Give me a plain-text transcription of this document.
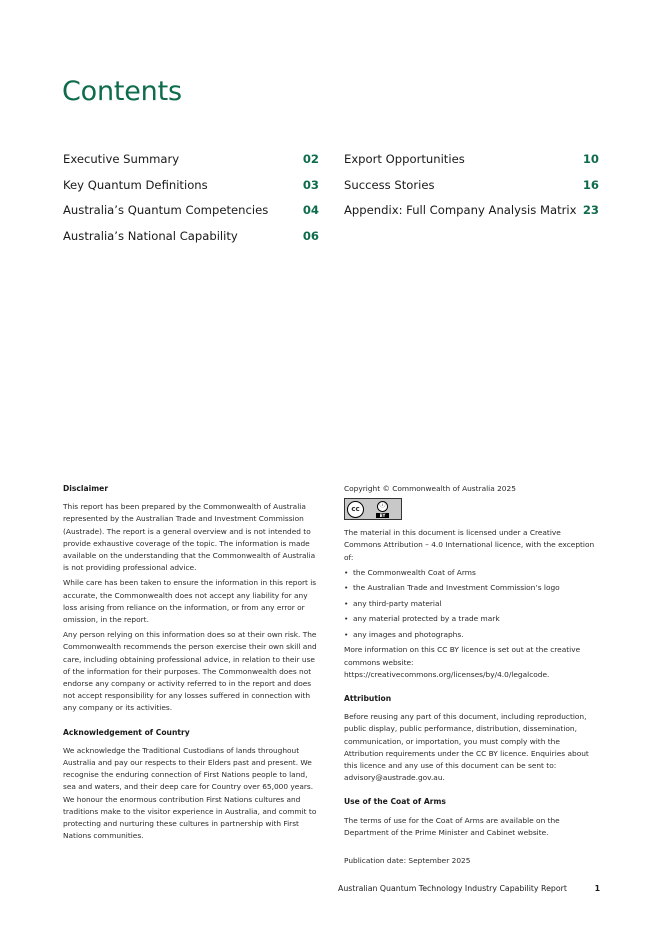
Contents
Executive Summary	02
Key Quantum Definitions	03
Australia’s Quantum Competencies	04
Australia’s National Capability	06
Export Opportunities	10
Success Stories	16
Appendix: Full Company Analysis Matrix 23
Disclaimer

This report has been prepared by the Commonwealth of Australia represented by the Australian Trade and Investment Commission (Austrade). The report is a general overview and is not intended to provide exhaustive coverage of the topic. The information is made available on the understanding that the Commonwealth of Australia is not providing professional advice.

While care has been taken to ensure the information in this report is accurate, the Commonwealth does not accept any liability for any loss arising from reliance on the information, or from any error or omission, in the report.

Any person relying on this information does so at their own risk. The Commonwealth recommends the person exercise their own skill and care, including obtaining professional advice, in relation to their use of the information for their purposes. The Commonwealth does not endorse any company or activity referred to in the report and does not accept responsibility for any losses suffered in connection with any company or its activities.

Acknowledgement of Country

We acknowledge the Traditional Custodians of lands throughout Australia and pay our respects to their Elders past and present. We recognise the enduring connection of First Nations people to land, sea and waters, and their deep care for Country over 65,000 years. We honour the enormous contribution First Nations cultures and traditions make to the visitor experience in Australia, and commit to protecting and nurturing these cultures in partnership with First Nations communities.

Copyright © Commonwealth of Australia 2025

cc	ⓘ
BY

The material in this document is licensed under a Creative Commons Attribution – 4.0 International licence, with the exception of:

• the Commonwealth Coat of Arms
• the Australian Trade and Investment Commission’s logo
• any third-party material
• any material protected by a trade mark
• any images and photographs.

More information on this CC BY licence is set out at the creative commons website: https://creativecommons.org/licenses/by/4.0/legalcode.

Attribution

Before reusing any part of this document, including reproduction, public display, public performance, distribution, dissemination, communication, or importation, you must comply with the Attribution requirements under the CC BY licence. Enquiries about this licence and any use of this document can be sent to: advisory@austrade.gov.au.

Use of the Coat of Arms

The terms of use for the Coat of Arms are available on the Department of the Prime Minister and Cabinet website.

Publication date: September 2025

Australian Quantum Technology Industry Capability Report	1
